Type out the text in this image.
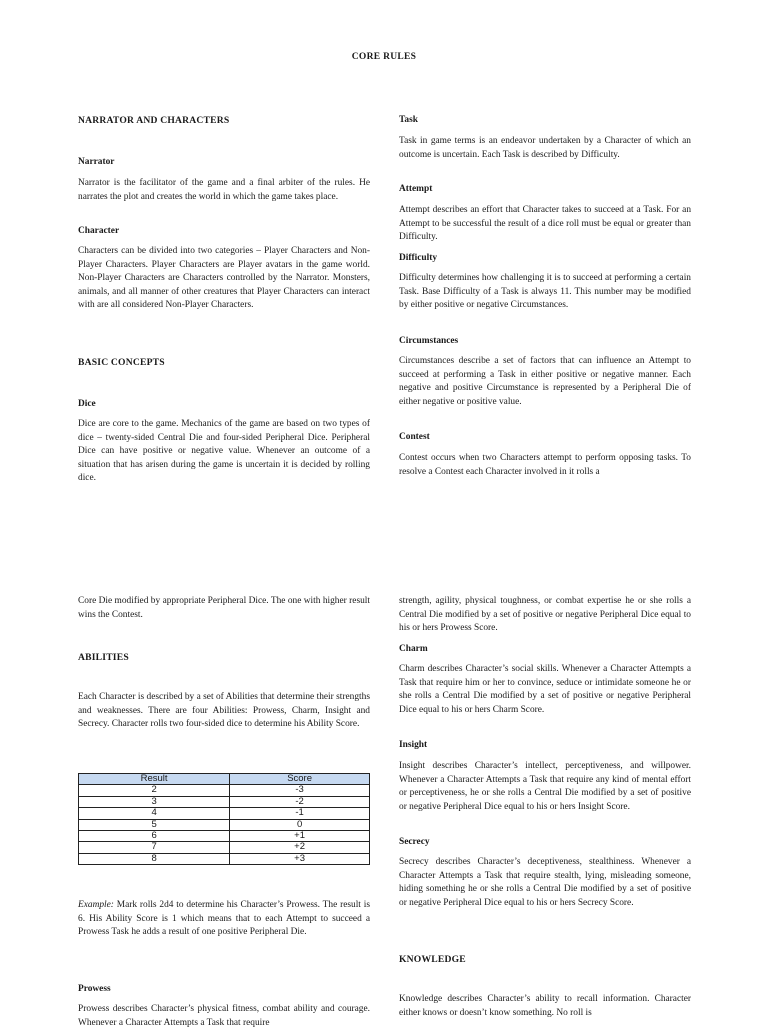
CORE RULES
NARRATOR AND CHARACTERS
Narrator

Narrator is the facilitator of the game and a final arbiter of the rules. He narrates the plot and creates the world in which the game takes place.

Character

Characters can be divided into two categories – Player Characters and Non-Player Characters. Player Characters are Player avatars in the game world. Non-Player Characters are Characters controlled by the Narrator. Monsters, animals, and all manner of other creatures that Player Characters can interact with are all considered Non-Player Characters.

BASIC CONCEPTS
Dice

Dice are core to the game. Mechanics of the game are based on two types of dice – twenty-sided Central Die and four-sided Peripheral Dice. Peripheral Dice can have positive or negative value. Whenever an outcome of a situation that has arisen during the game is uncertain it is decided by rolling dice.

Core Die modified by appropriate Peripheral Dice. The one with higher result wins the Contest.

ABILITIES

Each Character is described by a set of Abilities that determine their strengths and weaknesses. There are four Abilities: Prowess, Charm, Insight and Secrecy. Character rolls two four-sided dice to determine his Ability Score.

Example: Mark rolls 2d4 to determine his Character’s Prowess. The result is 6. His Ability Score is 1 which means that to each Attempt to succeed a Prowess Task he adds a result of one positive Peripheral Die.

Prowess

Prowess describes Character’s physical fitness, combat ability and courage. Whenever a Character Attempts a Task that require

Result	Score
2	-3
3	-2
4	-1
5	0
6	+1
7	+2
8	+3
Task

Task in game terms is an endeavor undertaken by a Character of which an outcome is uncertain. Each Task is described by Difficulty.

Attempt

Attempt describes an effort that Character takes to succeed at a Task. For an Attempt to be successful the result of a dice roll must be equal or greater than Difficulty.

Difficulty

Difficulty determines how challenging it is to succeed at performing a certain Task. Base Difficulty of a Task is always 11. This number may be modified by either positive or negative Circumstances.

Circumstances

Circumstances describe a set of factors that can influence an Attempt to succeed at performing a Task in either positive or negative manner. Each negative and positive Circumstance is represented by a Peripheral Die of either negative or positive value.

Contest

Contest occurs when two Characters attempt to perform opposing tasks. To resolve a Contest each Character involved in it rolls a

strength, agility, physical toughness, or combat expertise he or she rolls a Central Die modified by a set of positive or negative Peripheral Dice equal to his or hers Prowess Score.

Charm

Charm describes Character’s social skills. Whenever a Character Attempts a Task that require him or her to convince, seduce or intimidate someone he or she rolls a Central Die modified by a set of positive or negative Peripheral Dice equal to his or hers Charm Score.

Insight

Insight describes Character’s intellect, perceptiveness, and willpower. Whenever a Character Attempts a Task that require any kind of mental effort or perceptiveness, he or she rolls a Central Die modified by a set of positive or negative Peripheral Dice equal to his or hers Insight Score.

Secrecy

Secrecy describes Character’s deceptiveness, stealthiness. Whenever a Character Attempts a Task that require stealth, lying, misleading someone, hiding something he or she rolls a Central Die modified by a set of positive or negative Peripheral Dice equal to his or hers Secrecy Score.

KNOWLEDGE

Knowledge describes Character’s ability to recall information. Character either knows or doesn’t know something. No roll is
